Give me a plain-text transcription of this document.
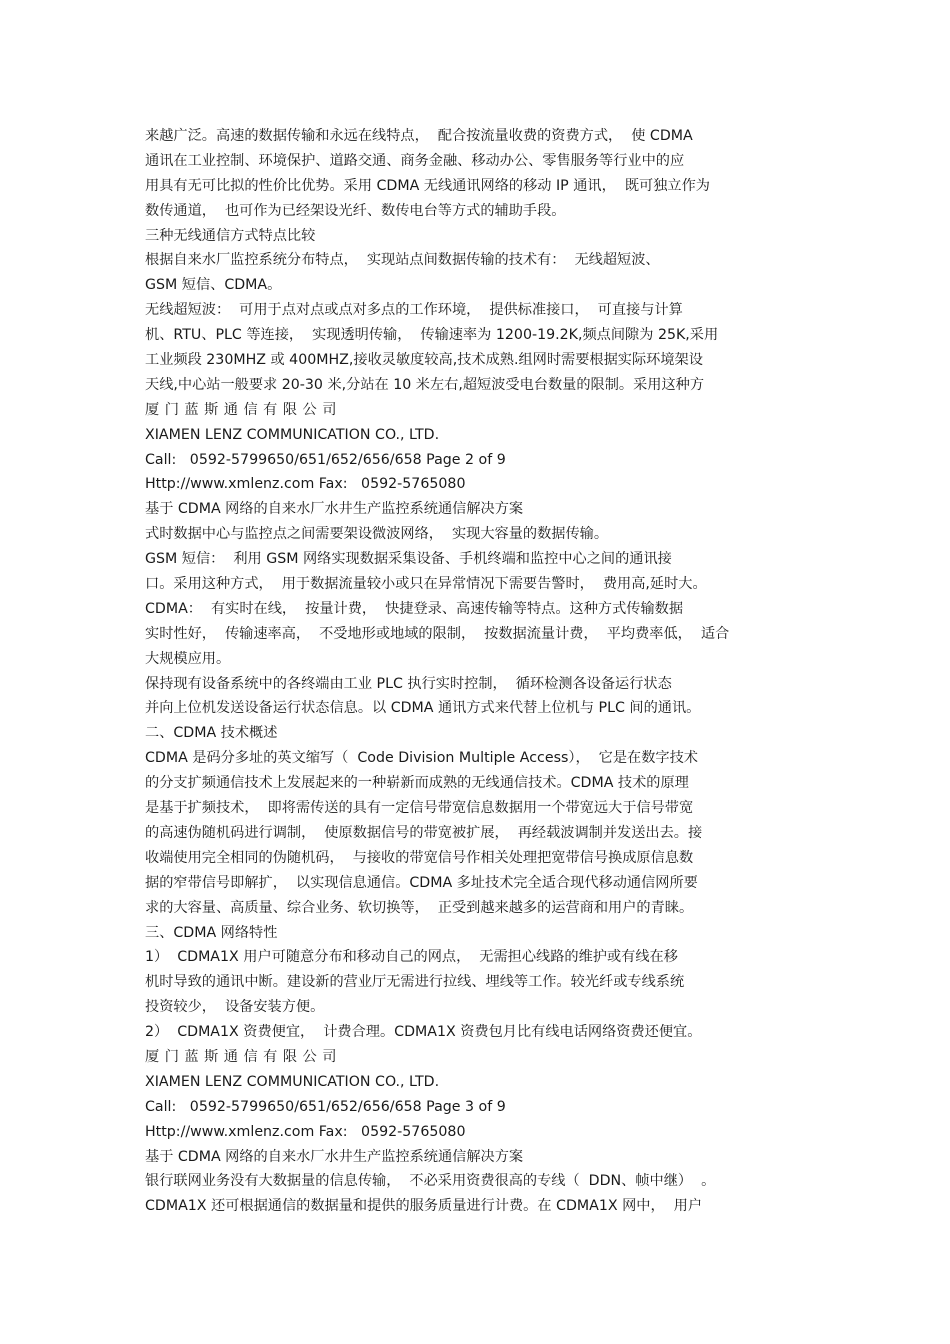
来越广泛。高速的数据传输和永远在线特点，  配合按流量收费的资费方式，  使 CDMA
通讯在工业控制、环境保护、道路交通、商务金融、移动办公、零售服务等行业中的应
用具有无可比拟的性价比优势。采用 CDMA 无线通讯网络的移动 IP 通讯，  既可独立作为
数传通道，  也可作为已经架设光纤、数传电台等方式的辅助手段。
三种无线通信方式特点比较
根据自来水厂监控系统分布特点，  实现站点间数据传输的技术有：  无线超短波、
GSM 短信、CDMA。
无线超短波：  可用于点对点或点对多点的工作环境，  提供标准接口，  可直接与计算
机、RTU、PLC 等连接，  实现透明传输，  传输速率为 1200-19.2K,频点间隙为 25K,采用
工业频段 230MHZ 或 400MHZ,接收灵敏度较高,技术成熟.组网时需要根据实际环境架设
天线,中心站一般要求 20-30 米,分站在 10 米左右,超短波受电台数量的限制。采用这种方
厦门蓝斯通信有限公司
XIAMEN LENZ COMMUNICATION CO., LTD.
Call:   0592-5799650/651/652/656/658 Page 2 of 9
Http://www.xmlenz.com Fax:   0592-5765080
基于 CDMA 网络的自来水厂水井生产监控系统通信解决方案
式时数据中心与监控点之间需要架设微波网络，  实现大容量的数据传输。
GSM 短信：  利用 GSM 网络实现数据采集设备、手机终端和监控中心之间的通讯接
口。采用这种方式，  用于数据流量较小或只在异常情况下需要告警时，  费用高,延时大。
CDMA：  有实时在线，  按量计费，  快捷登录、高速传输等特点。这种方式传输数据
实时性好，  传输速率高，  不受地形或地域的限制，  按数据流量计费，  平均费率低，  适合
大规模应用。
保持现有设备系统中的各终端由工业 PLC 执行实时控制，  循环检测各设备运行状态
并向上位机发送设备运行状态信息。以 CDMA 通讯方式来代替上位机与 PLC 间的通讯。
二、CDMA 技术概述
CDMA 是码分多址的英文缩写（  Code Division Multiple Access），  它是在数字技术
的分支扩频通信技术上发展起来的一种崭新而成熟的无线通信技术。CDMA 技术的原理
是基于扩频技术，  即将需传送的具有一定信号带宽信息数据用一个带宽远大于信号带宽
的高速伪随机码进行调制，  使原数据信号的带宽被扩展，  再经载波调制并发送出去。接
收端使用完全相同的伪随机码，  与接收的带宽信号作相关处理把宽带信号换成原信息数
据的窄带信号即解扩，  以实现信息通信。CDMA 多址技术完全适合现代移动通信网所要
求的大容量、高质量、综合业务、软切换等，  正受到越来越多的运营商和用户的青睐。
三、CDMA 网络特性
1）  CDMA1X 用户可随意分布和移动自己的网点，  无需担心线路的维护或有线在移
机时导致的通讯中断。建设新的营业厅无需进行拉线、埋线等工作。较光纤或专线系统
投资较少，  设备安装方便。
2）  CDMA1X 资费便宜，  计费合理。CDMA1X 资费包月比有线电话网络资费还便宜。
厦门蓝斯通信有限公司
XIAMEN LENZ COMMUNICATION CO., LTD.
Call:   0592-5799650/651/652/656/658 Page 3 of 9
Http://www.xmlenz.com Fax:   0592-5765080
基于 CDMA 网络的自来水厂水井生产监控系统通信解决方案
银行联网业务没有大数据量的信息传输，  不必采用资费很高的专线（  DDN、帧中继）  。
CDMA1X 还可根据通信的数据量和提供的服务质量进行计费。在 CDMA1X 网中，  用户
